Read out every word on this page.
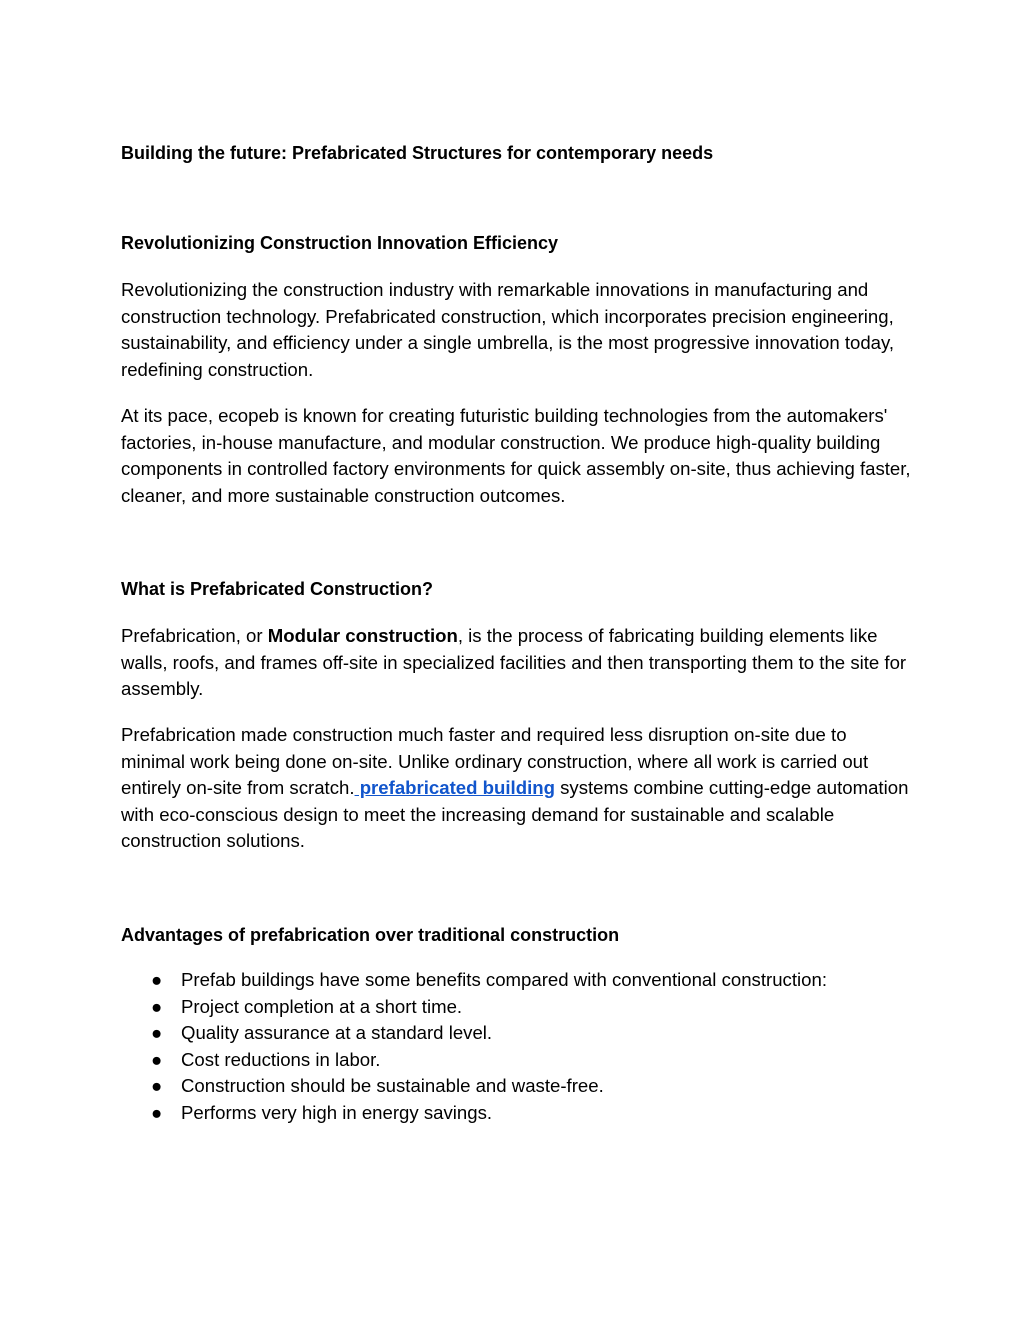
Building the future: Prefabricated Structures for contemporary needs
Revolutionizing Construction Innovation Efficiency

Revolutionizing the construction industry with remarkable innovations in manufacturing and construction technology. Prefabricated construction, which incorporates precision engineering, sustainability, and efficiency under a single umbrella, is the most progressive innovation today, redefining construction.

At its pace, ecopeb is known for creating futuristic building technologies from the automakers' factories, in-house manufacture, and modular construction. We produce high-quality building components in controlled factory environments for quick assembly on-site, thus achieving faster, cleaner, and more sustainable construction outcomes.

What is Prefabricated Construction?

Prefabrication, or Modular construction, is the process of fabricating building elements like walls, roofs, and frames off-site in specialized facilities and then transporting them to the site for assembly.

Prefabrication made construction much faster and required less disruption on-site due to minimal work being done on-site. Unlike ordinary construction, where all work is carried out entirely on-site from scratch. prefabricated building systems combine cutting-edge automation with eco-conscious design to meet the increasing demand for sustainable and scalable construction solutions.

Advantages of prefabrication over traditional construction
● Prefab buildings have some benefits compared with conventional construction:
● Project completion at a short time.
● Quality assurance at a standard level.
● Cost reductions in labor.
● Construction should be sustainable and waste-free.
● Performs very high in energy savings.
